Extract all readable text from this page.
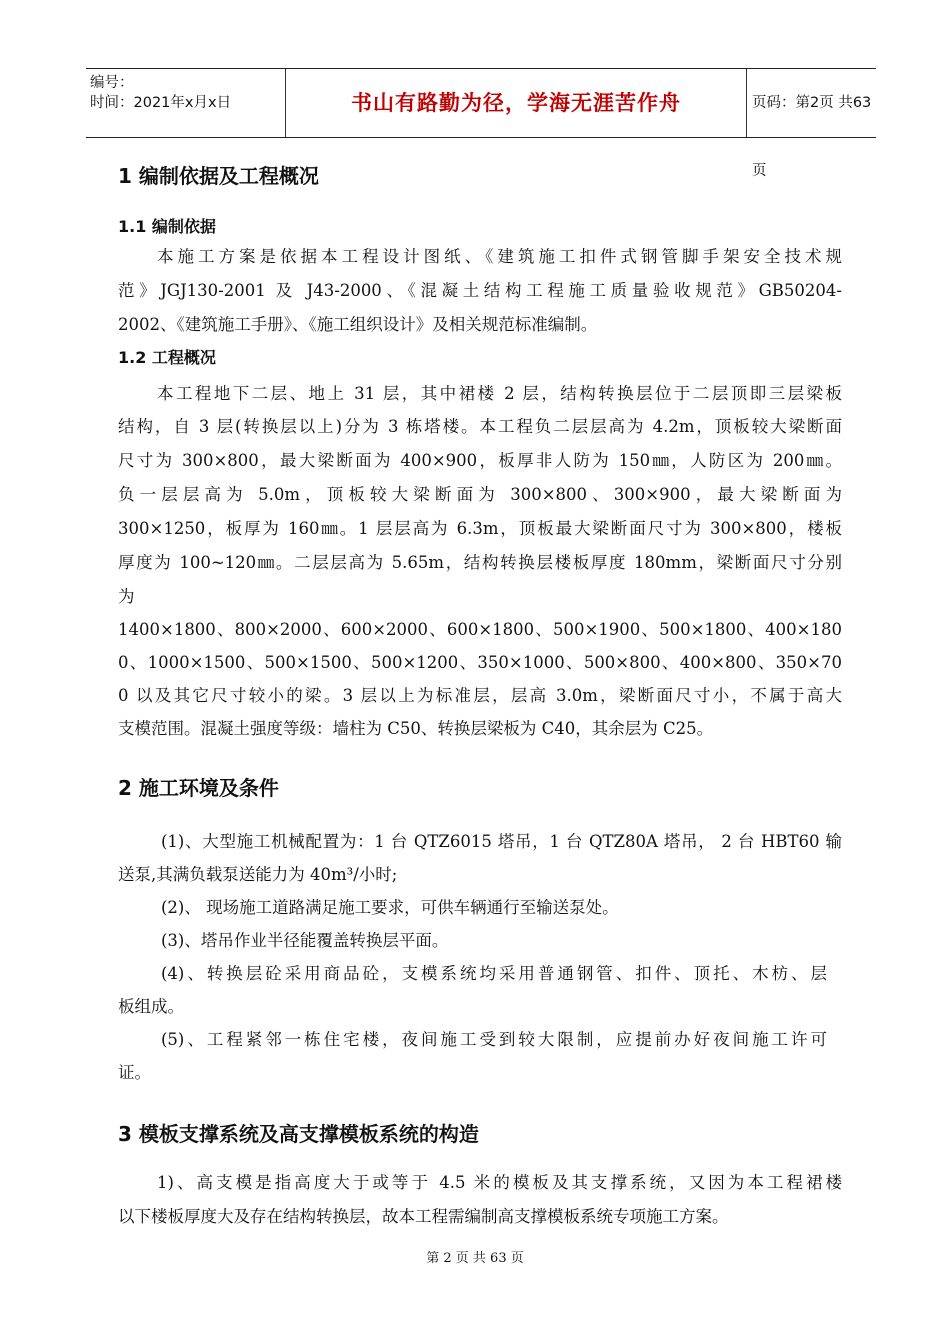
编号：
时间：2021年x月x日	书山有路勤为径，学海无涯苦作舟	页码：第2页 共63页
1 编制依据及工程概况
1.1 编制依据
本施工方案是依据本工程设计图纸、《建筑施工扣件式钢管脚手架安全技术规
范》JGJ130-2001 及 J43-2000、《混凝土结构工程施工质量验收规范》GB50204-
2002、《建筑施工手册》、《施工组织设计》及相关规范标准编制。
1.2 工程概况
本工程地下二层、地上 31 层，其中裙楼 2 层，结构转换层位于二层顶即三层梁板
结构，自 3 层(转换层以上)分为 3 栋塔楼。本工程负二层层高为 4.2m，顶板较大梁断面
尺寸为 300×800，最大梁断面为 400×900，板厚非人防为 150㎜，人防区为 200㎜。
负一层层高为 5.0m，顶板较大梁断面为 300×800、300×900，最大梁断面为
300×1250，板厚为 160㎜。1 层层高为 6.3m，顶板最大梁断面尺寸为 300×800，楼板
厚度为 100~120㎜。二层层高为 5.65m，结构转换层楼板厚度 180mm，梁断面尺寸分别
为
1400×1800、800×2000、600×2000、600×1800、500×1900、500×1800、400×180
0、1000×1500、500×1500、500×1200、350×1000、500×800、400×800、350×70
0 以及其它尺寸较小的梁。3 层以上为标准层，层高 3.0m，梁断面尺寸小，不属于高大
支模范围。混凝土强度等级：墙柱为 C50、转换层梁板为 C40，其余层为 C25。
2 施工环境及条件
(1)、大型施工机械配置为：1 台 QTZ6015 塔吊，1 台 QTZ80A 塔吊， 2 台 HBT60 输
送泵,其满负载泵送能力为 40m³/小时;
(2)、 现场施工道路满足施工要求，可供车辆通行至输送泵处。
(3)、塔吊作业半径能覆盖转换层平面。
(4)、转换层砼采用商品砼，支模系统均采用普通钢管、扣件、顶托、木枋、层
板组成。
(5)、工程紧邻一栋住宅楼，夜间施工受到较大限制，应提前办好夜间施工许可
证。
3 模板支撑系统及高支撑模板系统的构造
1)、高支模是指高度大于或等于 4.5 米的模板及其支撑系统，又因为本工程裙楼
以下楼板厚度大及存在结构转换层，故本工程需编制高支撑模板系统专项施工方案。
第 2 页 共 63 页
